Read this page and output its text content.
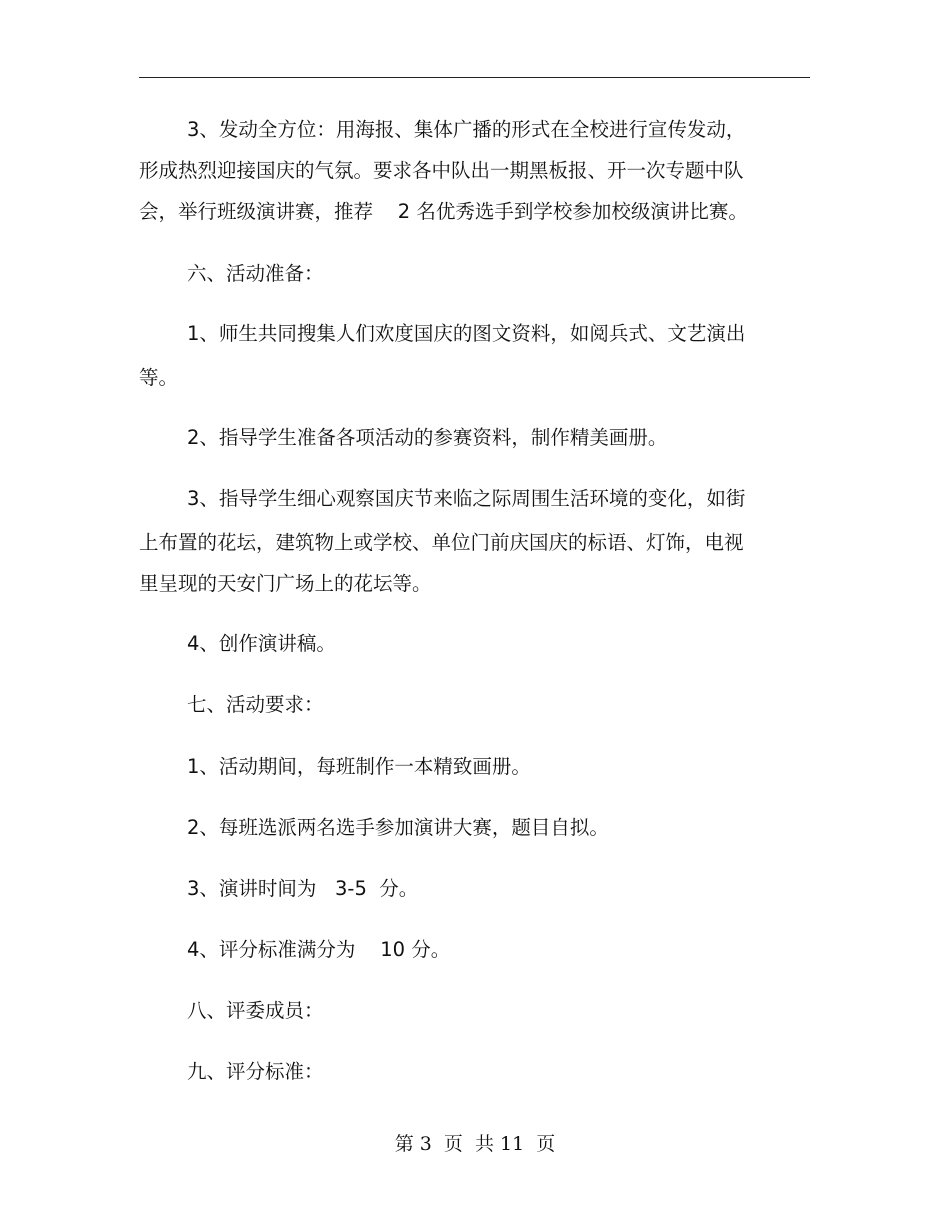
3、发动全方位：用海报、集体广播的形式在全校进行宣传发动，
形成热烈迎接国庆的气氛。要求各中队出一期黑板报、开一次专题中队
会，举行班级演讲赛，推荐    2 名优秀选手到学校参加校级演讲比赛。
六、活动准备：
1、师生共同搜集人们欢度国庆的图文资料，如阅兵式、文艺演出
等。
2、指导学生准备各项活动的参赛资料，制作精美画册。
3、指导学生细心观察国庆节来临之际周围生活环境的变化，如街
上布置的花坛，建筑物上或学校、单位门前庆国庆的标语、灯饰，电视
里呈现的天安门广场上的花坛等。
4、创作演讲稿。
七、活动要求：
1、活动期间，每班制作一本精致画册。
2、每班选派两名选手参加演讲大赛，题目自拟。
3、演讲时间为   3-5  分。
4、评分标准满分为    10 分。
八、评委成员：
九、评分标准：
第 3  页  共 11  页
